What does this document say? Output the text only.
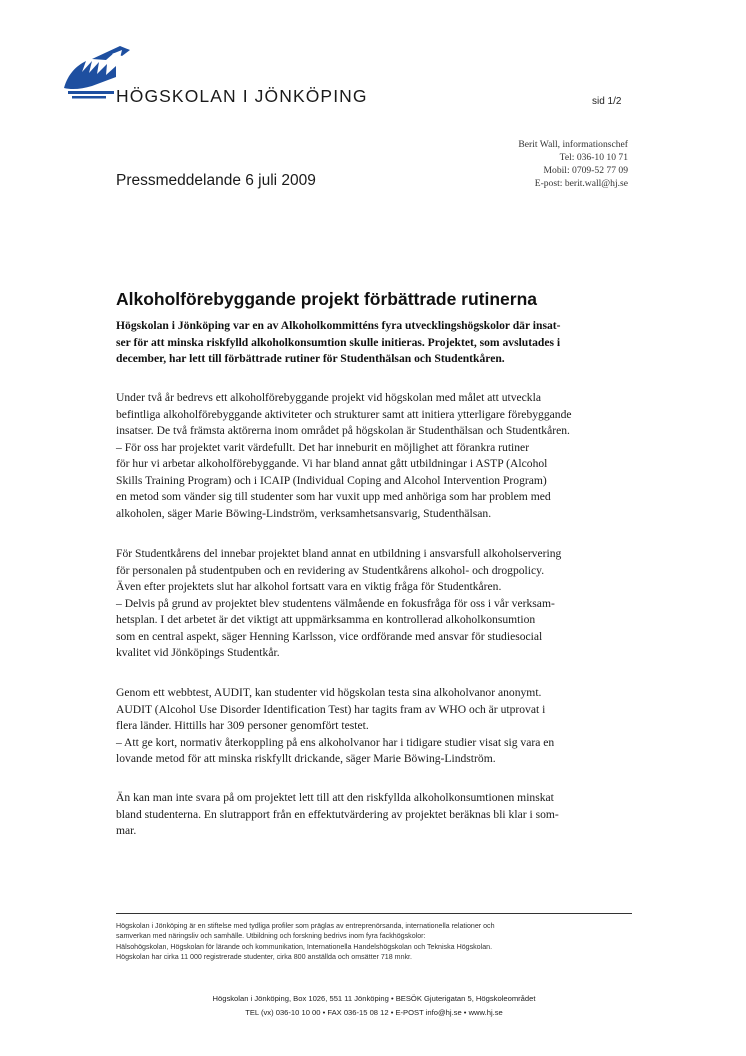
HÖGSKOLAN I JÖNKÖPING	sid 1/2
Berit Wall, informationschef
Tel: 036-10 10 71
Mobil: 0709-52 77 09
E-post: berit.wall@hj.se
Pressmeddelande 6 juli 2009
Alkoholförebyggande projekt förbättrade rutinerna
Högskolan i Jönköping var en av Alkoholkommitténs fyra utvecklingshögskolor där insat-
ser för att minska riskfylld alkoholkonsumtion skulle initieras. Projektet, som avslutades i
december, har lett till förbättrade rutiner för Studenthälsan och Studentkåren.
Under två år bedrevs ett alkoholförebyggande projekt vid högskolan med målet att utveckla
befintliga alkoholförebyggande aktiviteter och strukturer samt att initiera ytterligare förebyggande
insatser. De två främsta aktörerna inom området på högskolan är Studenthälsan och Studentkåren.
– För oss har projektet varit värdefullt. Det har inneburit en möjlighet att förankra rutiner
för hur vi arbetar alkoholförebyggande. Vi har bland annat gått utbildningar i ASTP (Alcohol
Skills Training Program) och i ICAIP (Individual Coping and Alcohol Intervention Program)
en metod som vänder sig till studenter som har vuxit upp med anhöriga som har problem med
alkoholen, säger Marie Böwing-Lindström, verksamhetsansvarig, Studenthälsan.
För Studentkårens del innebar projektet bland annat en utbildning i ansvarsfull alkoholservering
för personalen på studentpuben och en revidering av Studentkårens alkohol- och drogpolicy.
Även efter projektets slut har alkohol fortsatt vara en viktig fråga för Studentkåren.
– Delvis på grund av projektet blev studentens välmående en fokusfråga för oss i vår verksam-
hetsplan. I det arbetet är det viktigt att uppmärksamma en kontrollerad alkoholkonsumtion
som en central aspekt, säger Henning Karlsson, vice ordförande med ansvar för studiesocial
kvalitet vid Jönköpings Studentkår.
Genom ett webbtest, AUDIT, kan studenter vid högskolan testa sina alkoholvanor anonymt.
AUDIT (Alcohol Use Disorder Identification Test) har tagits fram av WHO och är utprovat i
flera länder. Hittills har 309 personer genomfört testet.
– Att ge kort, normativ återkoppling på ens alkoholvanor har i tidigare studier visat sig vara en
lovande metod för att minska riskfyllt drickande, säger Marie Böwing-Lindström.
Än kan man inte svara på om projektet lett till att den riskfyllda alkoholkonsumtionen minskat
bland studenterna. En slutrapport från en effektutvärdering av projektet beräknas bli klar i som-
mar.
Högskolan i Jönköping är en stiftelse med tydliga profiler som präglas av entreprenörsanda, internationella relationer och
samverkan med näringsliv och samhälle. Utbildning och forskning bedrivs inom fyra fackhögskolor:
Hälsohögskolan, Högskolan för lärande och kommunikation, Internationella Handelshögskolan och Tekniska Högskolan.
Högskolan har cirka 11 000 registrerade studenter, cirka 800 anställda och omsätter 718 mnkr.
Högskolan i Jönköping, Box 1026, 551 11 Jönköping • BESÖK Gjuterigatan 5, Högskoleområdet
TEL (vx) 036-10 10 00 • FAX 036-15 08 12 • E-POST info@hj.se • www.hj.se
